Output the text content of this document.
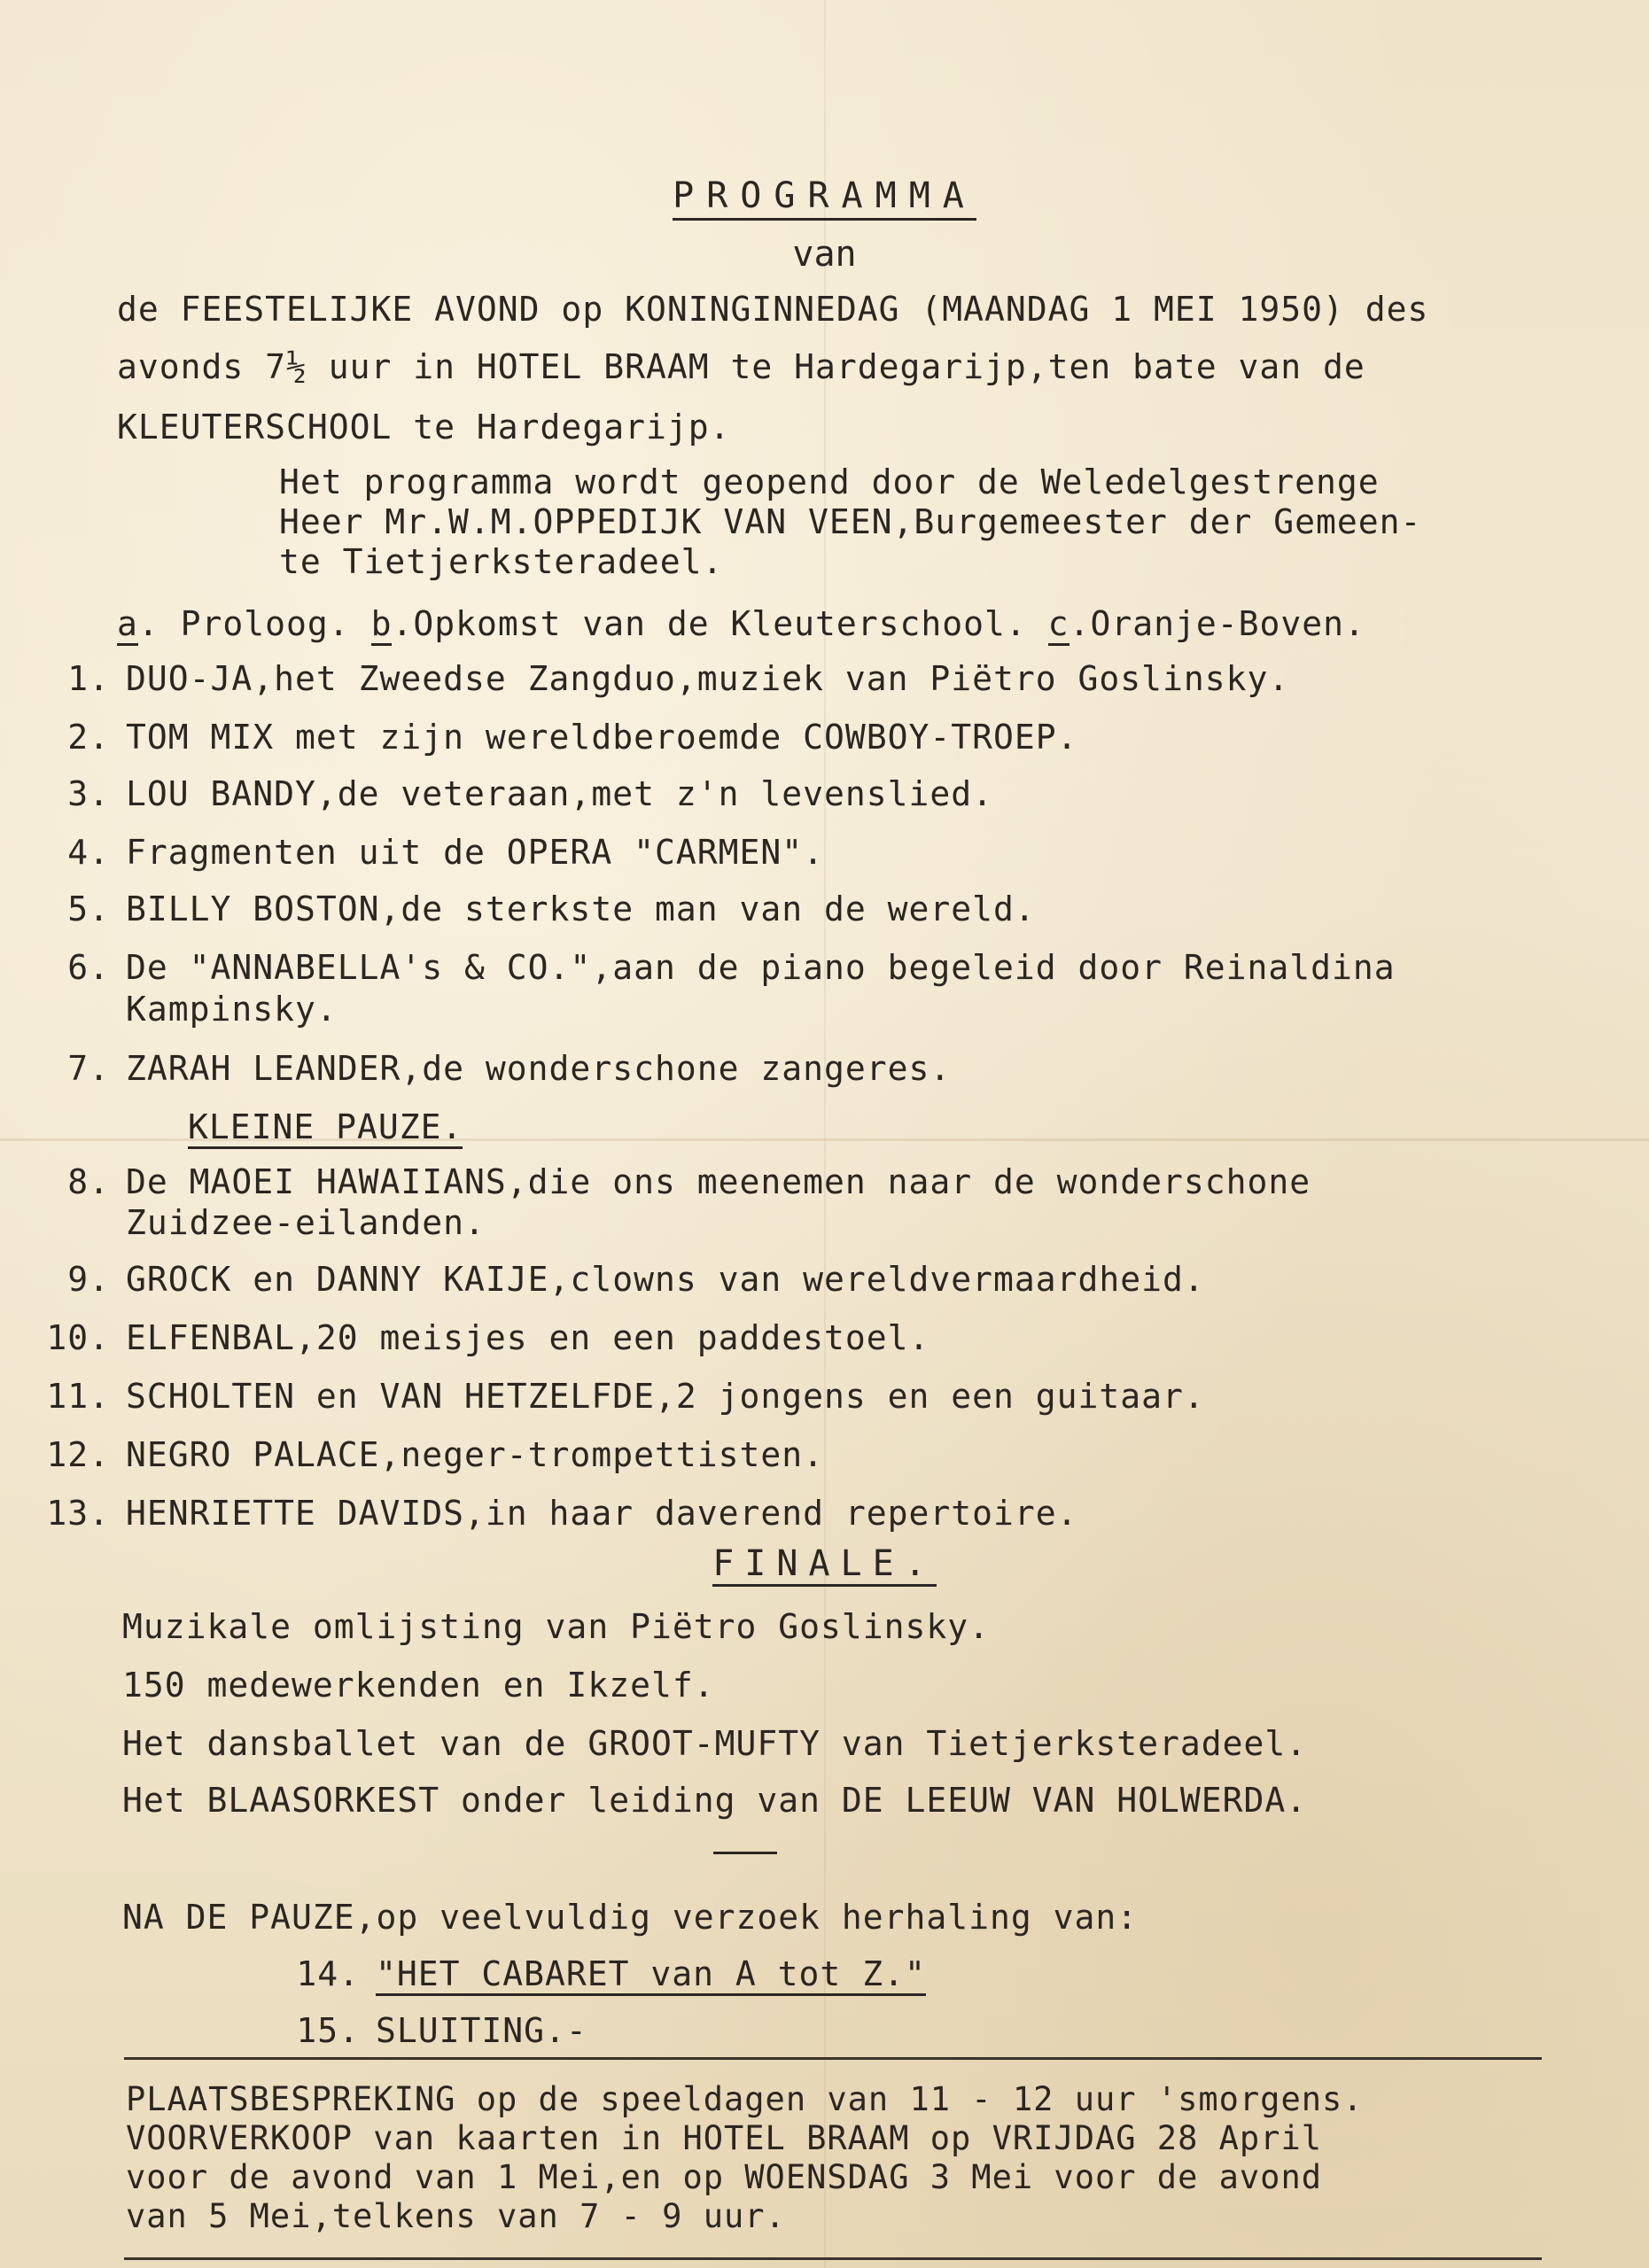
PROGRAMMA
van
de FEESTELIJKE AVOND op KONINGINNEDAG (MAANDAG 1 MEI 1950) des
avonds 7½ uur in HOTEL BRAAM te Hardegarijp,ten bate van de
KLEUTERSCHOOL te Hardegarijp.
Het programma wordt geopend door de Weledelgestrenge
Heer Mr.W.M.OPPEDIJK VAN VEEN,Burgemeester der Gemeen-
te Tietjerksteradeel.
a. Proloog. b.Opkomst van de Kleuterschool. c.Oranje-Boven.
1. DUO-JA,het Zweedse Zangduo,muziek van Piëtro Goslinsky.
2. TOM MIX met zijn wereldberoemde COWBOY-TROEP.
3. LOU BANDY,de veteraan,met z'n levenslied.
4. Fragmenten uit de OPERA "CARMEN".
5. BILLY BOSTON,de sterkste man van de wereld.
6. De "ANNABELLA's & CO.",aan de piano begeleid door Reinaldina
Kampinsky.
7. ZARAH LEANDER,de wonderschone zangeres.
KLEINE PAUZE.
8. De MAOEI HAWAIIANS,die ons meenemen naar de wonderschone
Zuidzee-eilanden.
9. GROCK en DANNY KAIJE,clowns van wereldvermaardheid.
10. ELFENBAL,20 meisjes en een paddestoel.
11. SCHOLTEN en VAN HETZELFDE,2 jongens en een guitaar.
12. NEGRO PALACE,neger-trompettisten.
13. HENRIETTE DAVIDS,in haar daverend repertoire.
FINALE.
Muzikale omlijsting van Piëtro Goslinsky.
150 medewerkenden en Ikzelf.
Het dansballet van de GROOT-MUFTY van Tietjerksteradeel.
Het BLAASORKEST onder leiding van DE LEEUW VAN HOLWERDA.
NA DE PAUZE,op veelvuldig verzoek herhaling van:
14. "HET CABARET van A tot Z."
15. SLUITING.-
PLAATSBESPREKING op de speeldagen van 11 - 12 uur 'smorgens.
VOORVERKOOP van kaarten in HOTEL BRAAM op VRIJDAG 28 April
voor de avond van 1 Mei,en op WOENSDAG 3 Mei voor de avond
van 5 Mei,telkens van 7 - 9 uur.
